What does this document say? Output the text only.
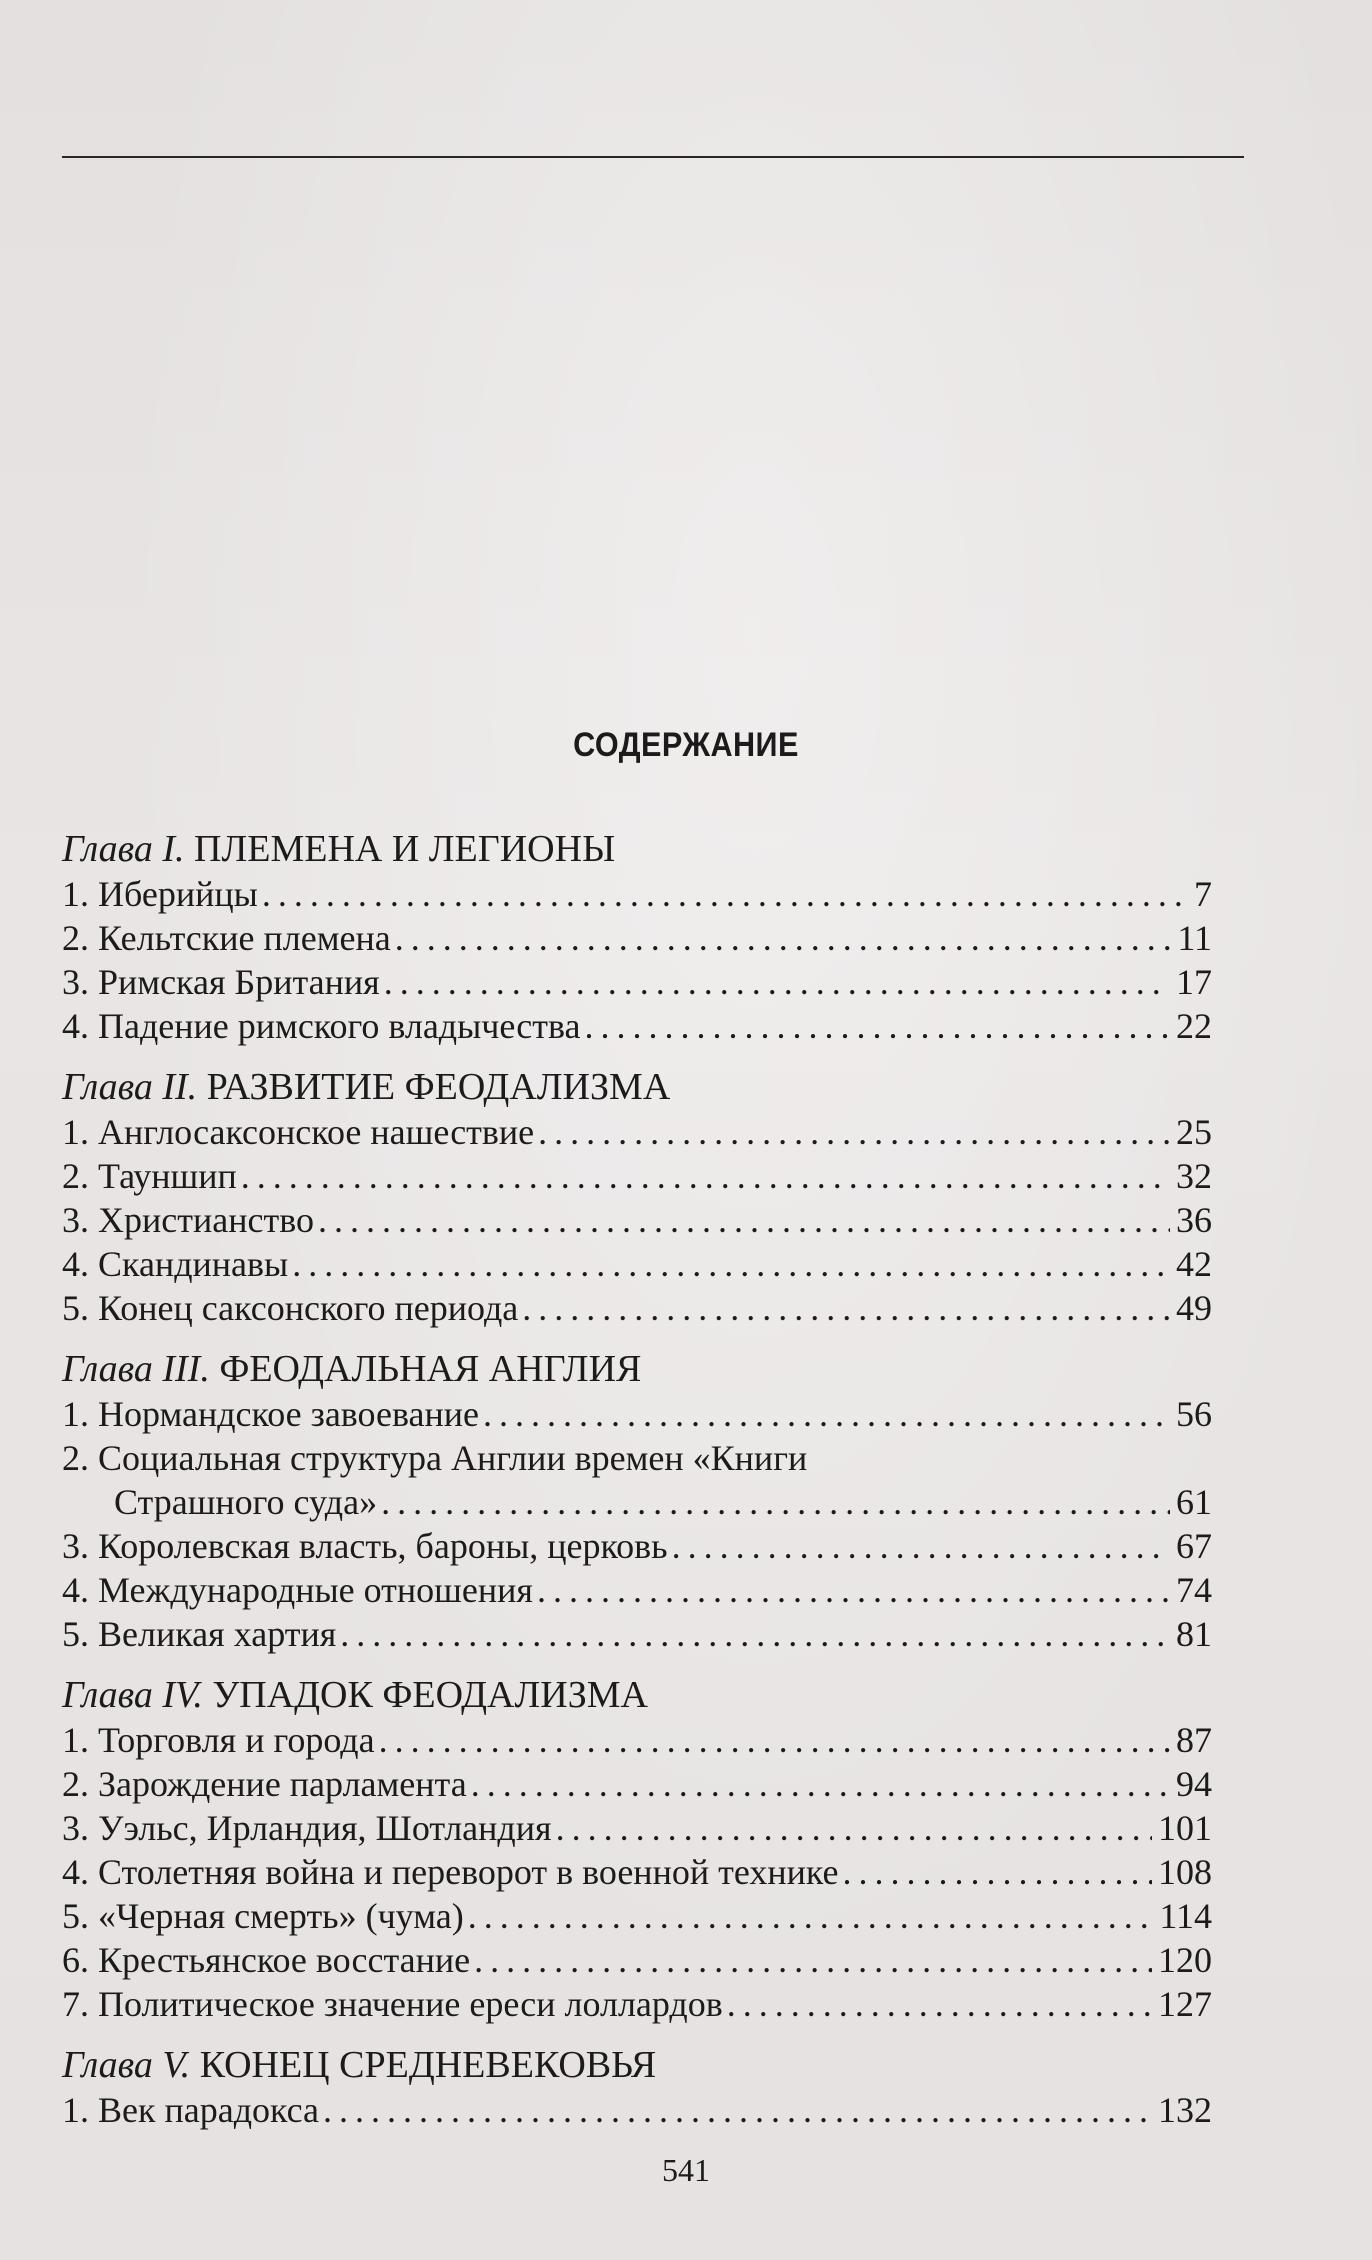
СОДЕРЖАНИЕ
Глава I. ПЛЕМЕНА И ЛЕГИОНЫ
1. Иберийцы . . .	7
2. Кельтские племена . . .	11
3. Римская Британия . . .	17
4. Падение римского владычества . . .	22
Глава II. РАЗВИТИЕ ФЕОДАЛИЗМА
1. Англосаксонское нашествие . . .	25
2. Тауншип . . .	32
3. Христианство . . .	36
4. Скандинавы . . .	42
5. Конец саксонского периода . . .	49
Глава III. ФЕОДАЛЬНАЯ АНГЛИЯ
1. Нормандское завоевание . . .	56
2. Социальная структура Англии времен «Книги
Страшного суда» . . .	61
3. Королевская власть, бароны, церковь . . .	67
4. Международные отношения . . .	74
5. Великая хартия . . .	81
Глава IV. УПАДОК ФЕОДАЛИЗМА
1. Торговля и города . . .	87
2. Зарождение парламента . . .	94
3. Уэльс, Ирландия, Шотландия . . .	101
4. Столетняя война и переворот в военной технике . . .	108
5. «Черная смерть» (чума) . . .	114
6. Крестьянское восстание . . .	120
7. Политическое значение ереси лоллардов . . .	127
Глава V. КОНЕЦ СРЕДНЕВЕКОВЬЯ
1. Век парадокса . . .	132
541
